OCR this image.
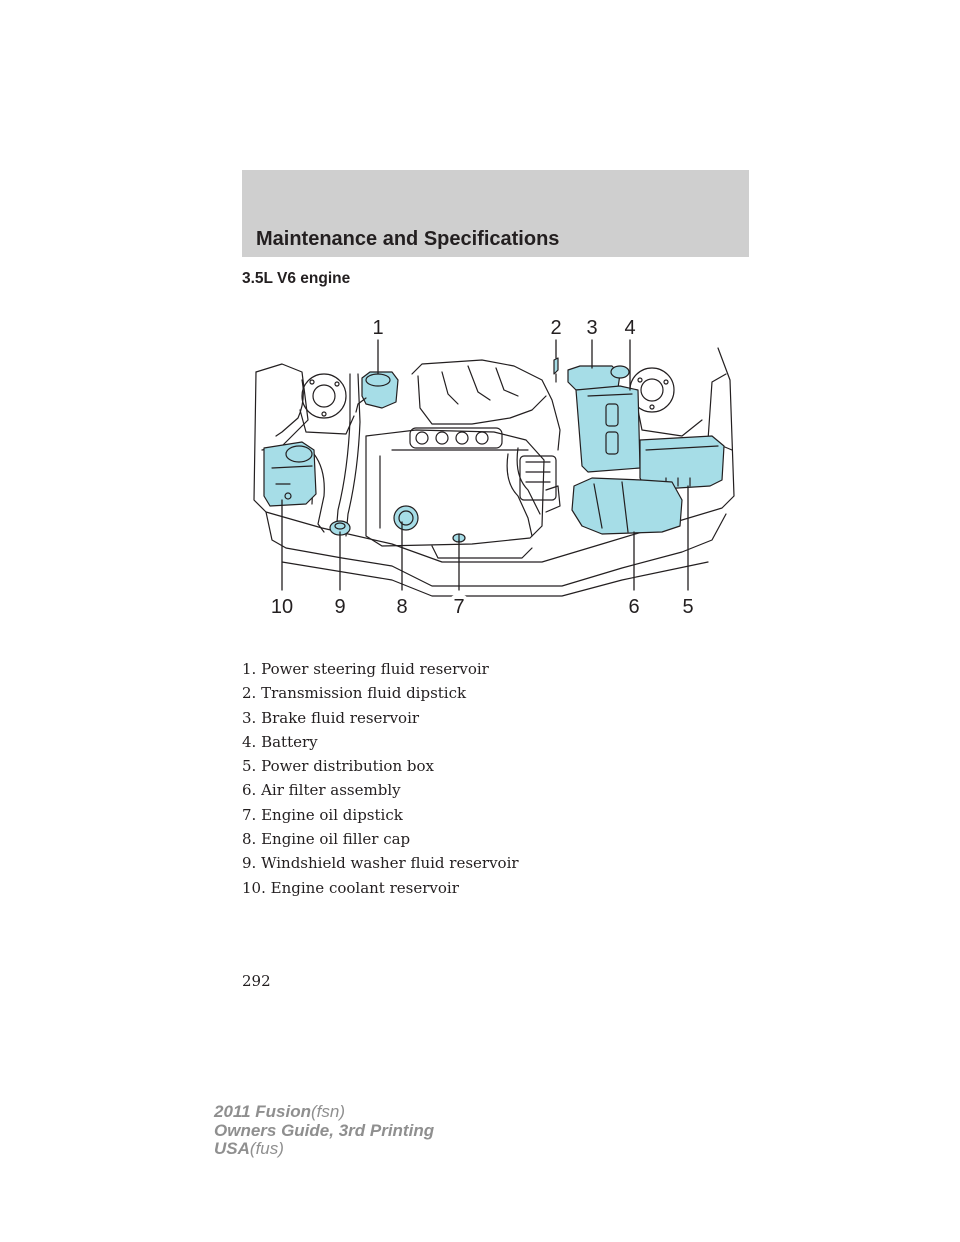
Maintenance and Specifications
3.5L V6 engine
1	2 3 4
5
6
7
8
9
10
1. Power steering fluid reservoir
2. Transmission fluid dipstick
3. Brake fluid reservoir
4. Battery
5. Power distribution box
6. Air filter assembly
7. Engine oil dipstick
8. Engine oil filler cap
9. Windshield washer fluid reservoir
10. Engine coolant reservoir

292

2011 Fusion(fsn)
Owners Guide, 3rd Printing
USA(fus)
